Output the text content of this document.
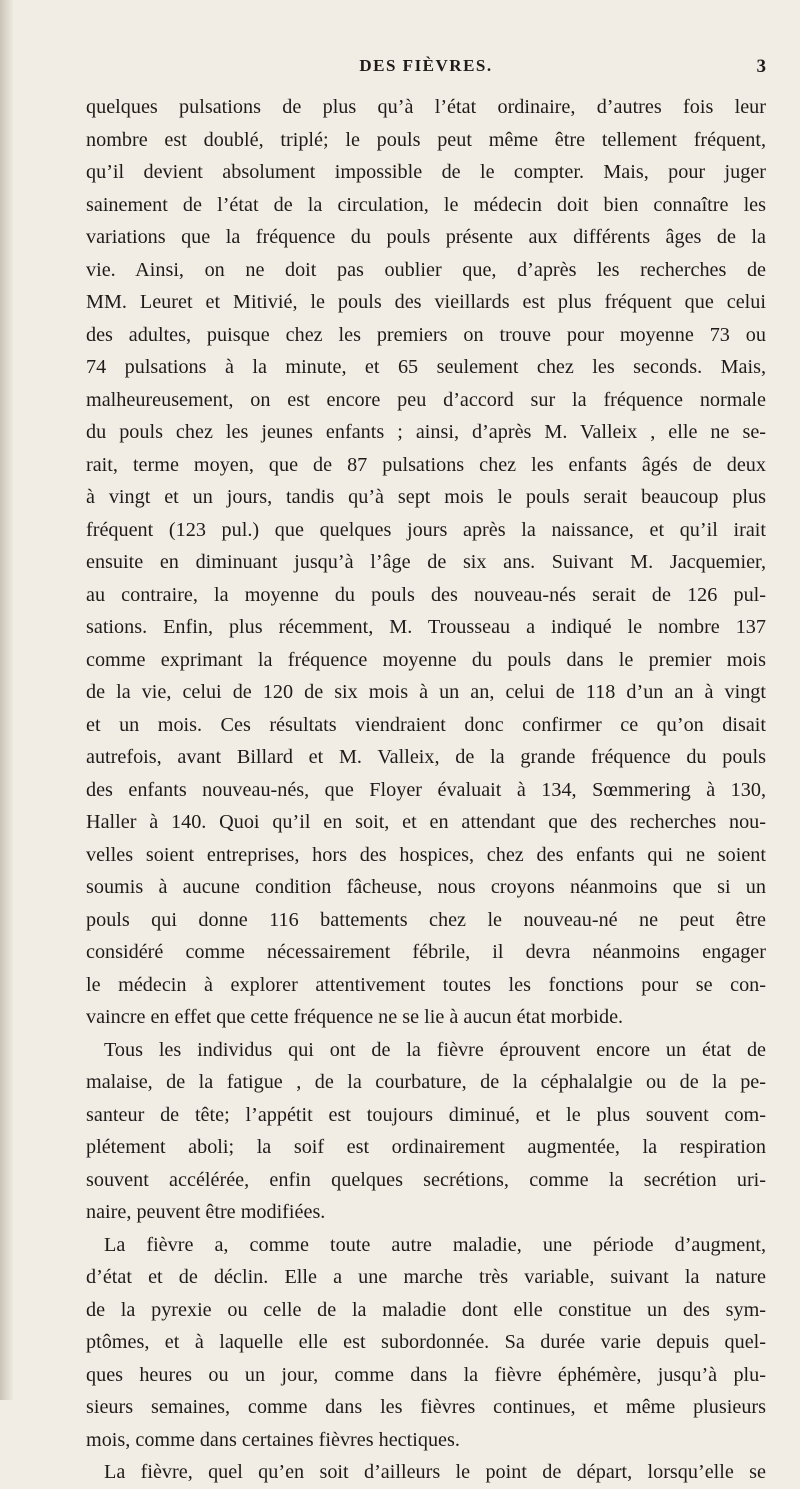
DES FIÈVRES.	3
quelques pulsations de plus qu’à l’état ordinaire, d’autres fois leur
nombre est doublé, triplé; le pouls peut même être tellement fréquent,
qu’il devient absolument impossible de le compter. Mais, pour juger
sainement de l’état de la circulation, le médecin doit bien connaître les
variations que la fréquence du pouls présente aux différents âges de la
vie. Ainsi, on ne doit pas oublier que, d’après les recherches de
MM. Leuret et Mitivié, le pouls des vieillards est plus fréquent que celui
des adultes, puisque chez les premiers on trouve pour moyenne 73 ou
74 pulsations à la minute, et 65 seulement chez les seconds. Mais,
malheureusement, on est encore peu d’accord sur la fréquence normale
du pouls chez les jeunes enfants ; ainsi, d’après M. Valleix , elle ne se-
rait, terme moyen, que de 87 pulsations chez les enfants âgés de deux
à vingt et un jours, tandis qu’à sept mois le pouls serait beaucoup plus
fréquent (123 pul.) que quelques jours après la naissance, et qu’il irait
ensuite en diminuant jusqu’à l’âge de six ans. Suivant M. Jacquemier,
au contraire, la moyenne du pouls des nouveau-nés serait de 126 pul-
sations. Enfin, plus récemment, M. Trousseau a indiqué le nombre 137
comme exprimant la fréquence moyenne du pouls dans le premier mois
de la vie, celui de 120 de six mois à un an, celui de 118 d’un an à vingt
et un mois. Ces résultats viendraient donc confirmer ce qu’on disait
autrefois, avant Billard et M. Valleix, de la grande fréquence du pouls
des enfants nouveau-nés, que Floyer évaluait à 134, Sœmmering à 130,
Haller à 140. Quoi qu’il en soit, et en attendant que des recherches nou-
velles soient entreprises, hors des hospices, chez des enfants qui ne soient
soumis à aucune condition fâcheuse, nous croyons néanmoins que si un
pouls qui donne 116 battements chez le nouveau-né ne peut être
considéré comme nécessairement fébrile, il devra néanmoins engager
le médecin à explorer attentivement toutes les fonctions pour se con-
vaincre en effet que cette fréquence ne se lie à aucun état morbide.
Tous les individus qui ont de la fièvre éprouvent encore un état de
malaise, de la fatigue , de la courbature, de la céphalalgie ou de la pe-
santeur de tête; l’appétit est toujours diminué, et le plus souvent com-
plétement aboli; la soif est ordinairement augmentée, la respiration
souvent accélérée, enfin quelques secrétions, comme la secrétion uri-
naire, peuvent être modifiées.
La fièvre a, comme toute autre maladie, une période d’augment,
d’état et de déclin. Elle a une marche très variable, suivant la nature
de la pyrexie ou celle de la maladie dont elle constitue un des sym-
ptômes, et à laquelle elle est subordonnée. Sa durée varie depuis quel-
ques heures ou un jour, comme dans la fièvre éphémère, jusqu’à plu-
sieurs semaines, comme dans les fièvres continues, et même plusieurs
mois, comme dans certaines fièvres hectiques.
La fièvre, quel qu’en soit d’ailleurs le point de départ, lorsqu’elle se
